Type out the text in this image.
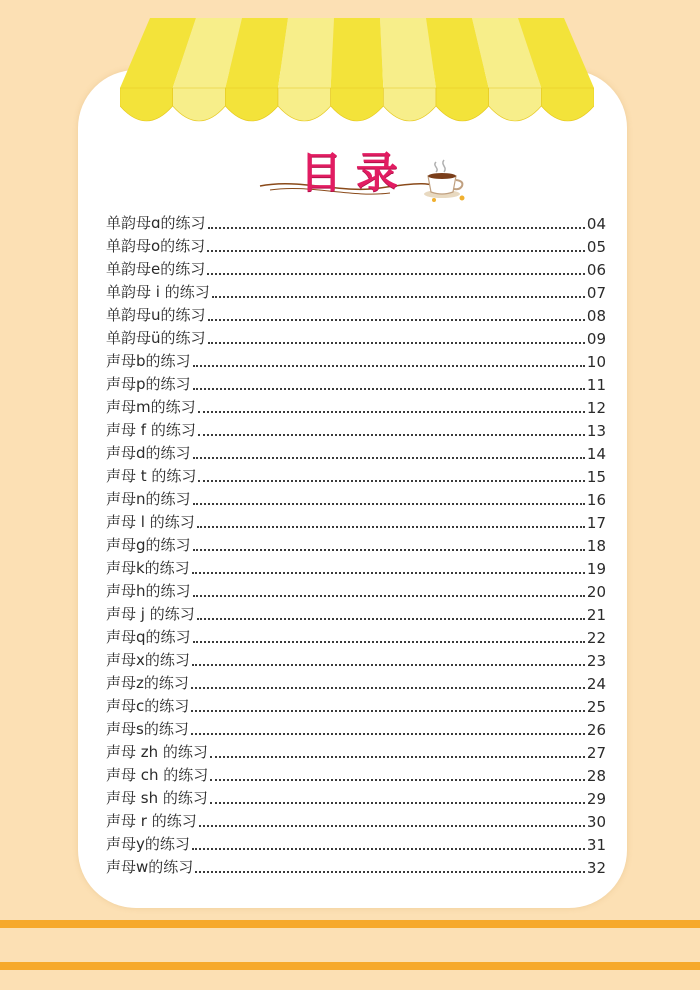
目录
单韵母ɑ的练习	04
单韵母o的练习	05
单韵母e的练习	06
单韵母 i 的练习	07
单韵母u的练习	08
单韵母ü的练习	09
声母b的练习	10
声母p的练习	11
声母m的练习	12
声母 f 的练习	13
声母d的练习	14
声母 t 的练习	15
声母n的练习	16
声母 l 的练习	17
声母g的练习	18
声母k的练习	19
声母h的练习	20
声母 j 的练习	21
声母q的练习	22
声母x的练习	23
声母z的练习	24
声母c的练习	25
声母s的练习	26
声母 zh 的练习	27
声母 ch 的练习	28
声母 sh 的练习	29
声母 r 的练习	30
声母y的练习	31
声母w的练习	32
